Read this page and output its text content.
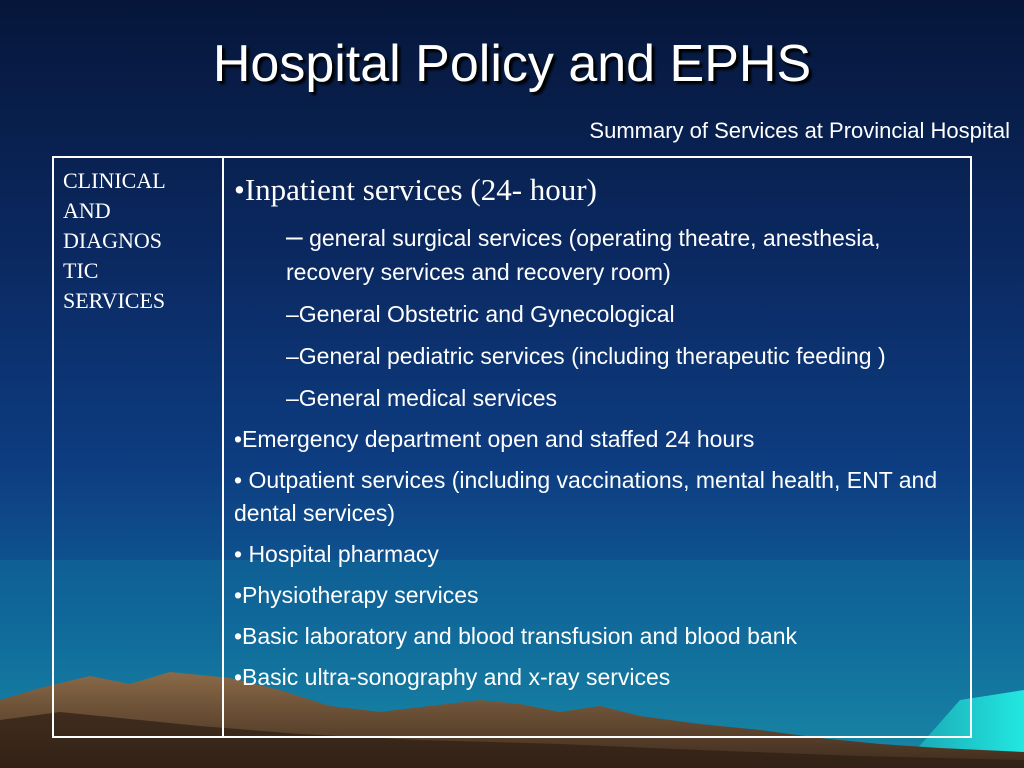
Hospital Policy and EPHS
Summary of Services at Provincial Hospital
CLINICAL
AND
DIAGNOS
TIC
SERVICES
•Inpatient services (24- hour)
– general surgical services (operating theatre, anesthesia, recovery services and recovery room)
–General Obstetric and Gynecological
–General pediatric services (including therapeutic feeding )
–General medical services
•Emergency department open and staffed 24 hours
• Outpatient services (including vaccinations, mental health, ENT and dental services)
• Hospital pharmacy
•Physiotherapy services
•Basic laboratory and blood transfusion and blood bank
•Basic ultra-sonography and x-ray services
